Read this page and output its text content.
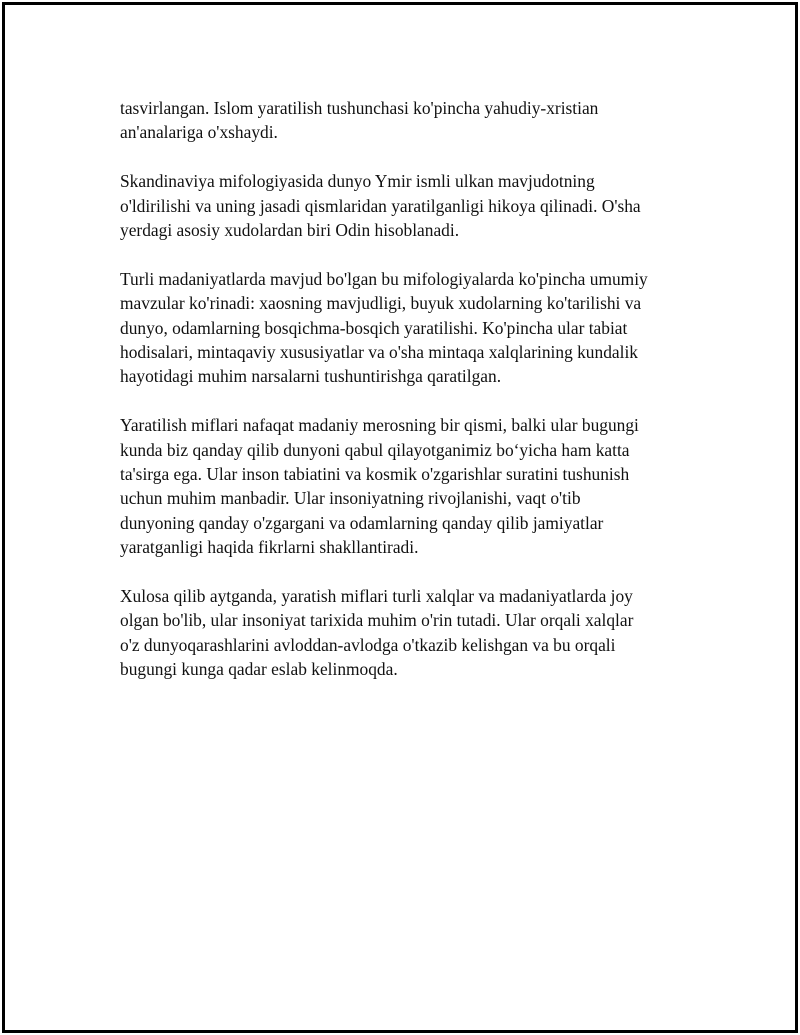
tasvirlangan. Islom yaratilish tushunchasi ko'pincha yahudiy-xristian
an'analariga o'xshaydi.

Skandinaviya mifologiyasida dunyo Ymir ismli ulkan mavjudotning
o'ldirilishi va uning jasadi qismlaridan yaratilganligi hikoya qilinadi. O'sha
yerdagi asosiy xudolardan biri Odin hisoblanadi.

Turli madaniyatlarda mavjud bo'lgan bu mifologiyalarda ko'pincha umumiy
mavzular ko'rinadi: xaosning mavjudligi, buyuk xudolarning ko'tarilishi va
dunyo, odamlarning bosqichma-bosqich yaratilishi. Ko'pincha ular tabiat
hodisalari, mintaqaviy xususiyatlar va o'sha mintaqa xalqlarining kundalik
hayotidagi muhim narsalarni tushuntirishga qaratilgan.

Yaratilish miflari nafaqat madaniy merosning bir qismi, balki ular bugungi
kunda biz qanday qilib dunyoni qabul qilayotganimiz bo‘yicha ham katta
ta'sirga ega. Ular inson tabiatini va kosmik o'zgarishlar suratini tushunish
uchun muhim manbadir. Ular insoniyatning rivojlanishi, vaqt o'tib
dunyoning qanday o'zgargani va odamlarning qanday qilib jamiyatlar
yaratganligi haqida fikrlarni shakllantiradi.

Xulosa qilib aytganda, yaratish miflari turli xalqlar va madaniyatlarda joy
olgan bo'lib, ular insoniyat tarixida muhim o'rin tutadi. Ular orqali xalqlar
o'z dunyoqarashlarini avloddan-avlodga o'tkazib kelishgan va bu orqali
bugungi kunga qadar eslab kelinmoqda.
